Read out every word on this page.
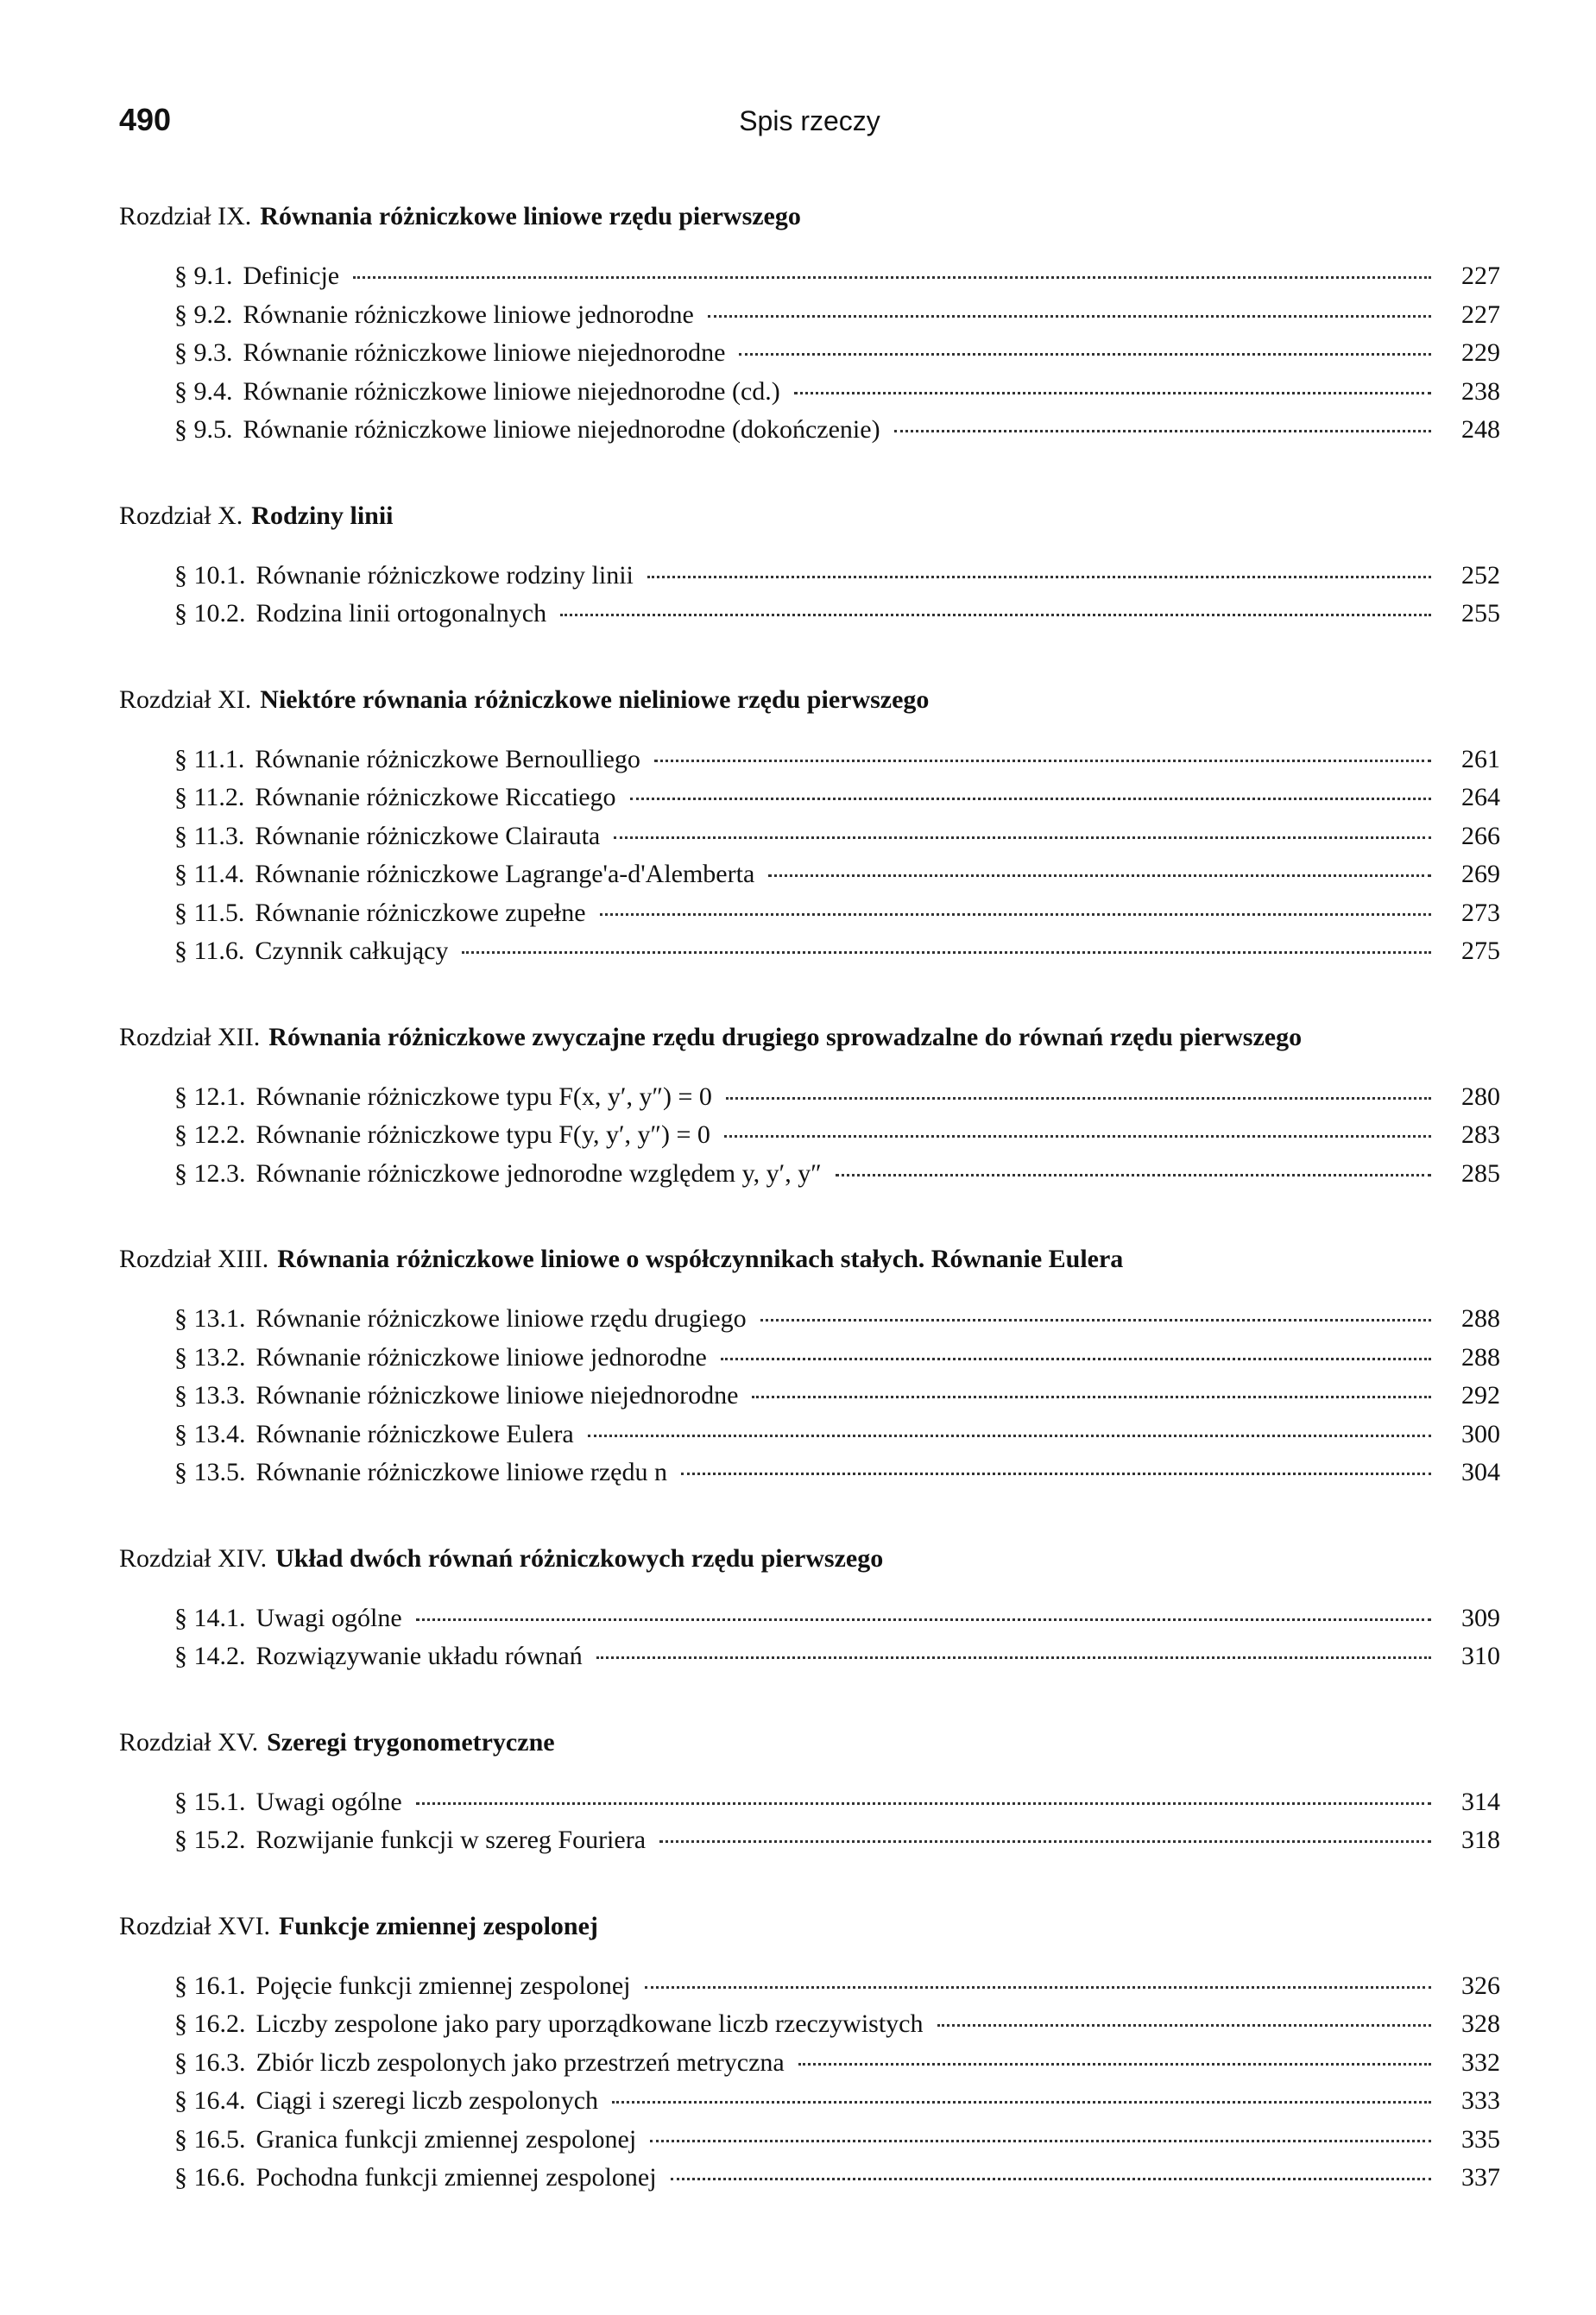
490	Spis rzeczy
Rozdział IX. Równania różniczkowe liniowe rzędu pierwszego
§ 9.1. Definicje	227
§ 9.2. Równanie różniczkowe liniowe jednorodne	227
§ 9.3. Równanie różniczkowe liniowe niejednorodne	229
§ 9.4. Równanie różniczkowe liniowe niejednorodne (cd.)	238
§ 9.5. Równanie różniczkowe liniowe niejednorodne (dokończenie)	248
Rozdział X. Rodziny linii
§ 10.1. Równanie różniczkowe rodziny linii	252
§ 10.2. Rodzina linii ortogonalnych	255
Rozdział XI. Niektóre równania różniczkowe nieliniowe rzędu pierwszego
§ 11.1. Równanie różniczkowe Bernoulliego	261
§ 11.2. Równanie różniczkowe Riccatiego	264
§ 11.3. Równanie różniczkowe Clairauta	266
§ 11.4. Równanie różniczkowe Lagrange'a-d'Alemberta	269
§ 11.5. Równanie różniczkowe zupełne	273
§ 11.6. Czynnik całkujący	275
Rozdział XII. Równania różniczkowe zwyczajne rzędu drugiego sprowadzalne do równań rzędu pierwszego
§ 12.1. Równanie różniczkowe typu F(x, y′, y″) = 0	280
§ 12.2. Równanie różniczkowe typu F(y, y′, y″) = 0	283
§ 12.3. Równanie różniczkowe jednorodne względem y, y′, y″	285
Rozdział XIII. Równania różniczkowe liniowe o współczynnikach stałych. Równanie Eulera
§ 13.1. Równanie różniczkowe liniowe rzędu drugiego	288
§ 13.2. Równanie różniczkowe liniowe jednorodne	288
§ 13.3. Równanie różniczkowe liniowe niejednorodne	292
§ 13.4. Równanie różniczkowe Eulera	300
§ 13.5. Równanie różniczkowe liniowe rzędu n	304
Rozdział XIV. Układ dwóch równań różniczkowych rzędu pierwszego
§ 14.1. Uwagi ogólne	309
§ 14.2. Rozwiązywanie układu równań	310
Rozdział XV. Szeregi trygonometryczne
§ 15.1. Uwagi ogólne	314
§ 15.2. Rozwijanie funkcji w szereg Fouriera	318
Rozdział XVI. Funkcje zmiennej zespolonej
§ 16.1. Pojęcie funkcji zmiennej zespolonej	326
§ 16.2. Liczby zespolone jako pary uporządkowane liczb rzeczywistych	328
§ 16.3. Zbiór liczb zespolonych jako przestrzeń metryczna	332
§ 16.4. Ciągi i szeregi liczb zespolonych	333
§ 16.5. Granica funkcji zmiennej zespolonej	335
§ 16.6. Pochodna funkcji zmiennej zespolonej	337
